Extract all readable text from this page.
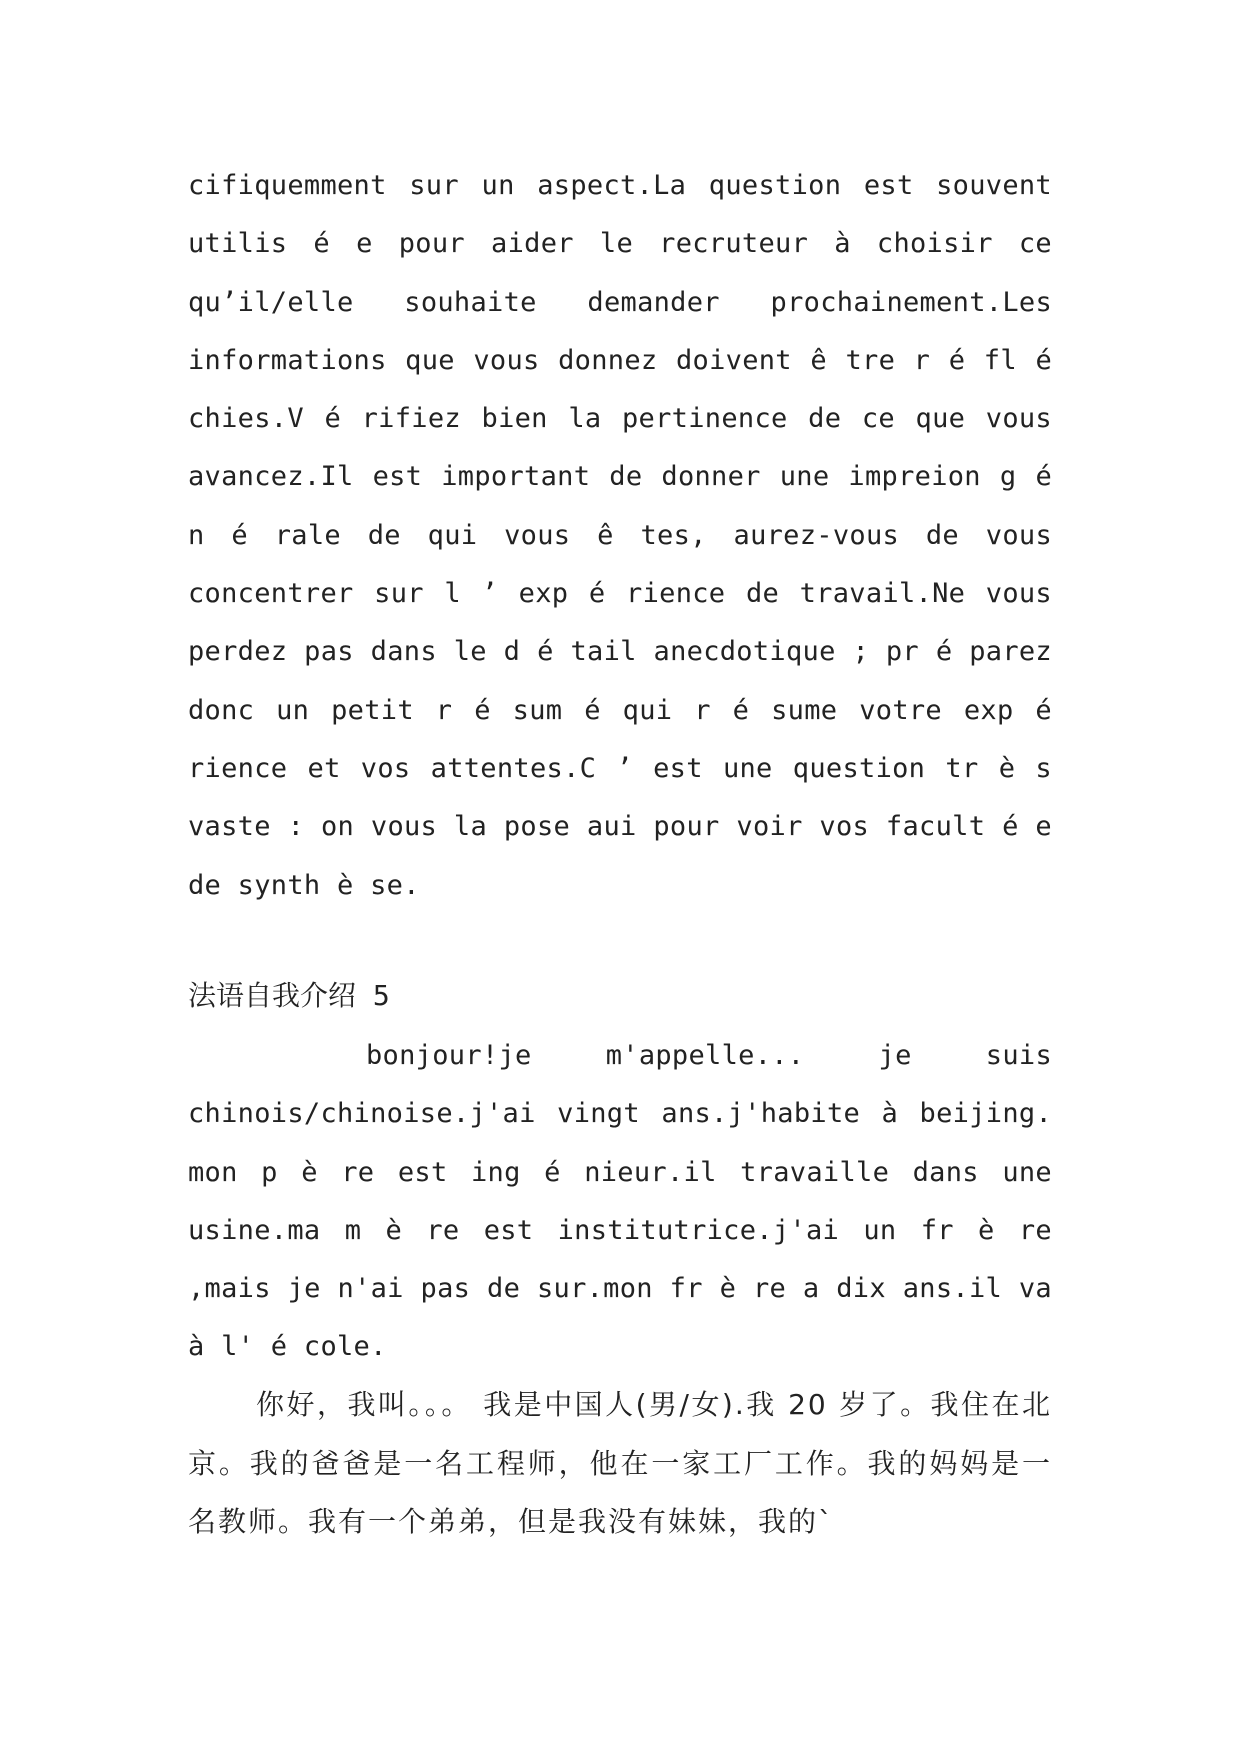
cifiquemment sur un aspect.La question est souvent utilis é e pour aider le recruteur à choisir ce qu’il/elle souhaite demander prochainement.Les informations que vous donnez doivent ê tre r é fl é chies.V é rifiez bien la pertinence de ce que vous avancez.Il est important de donner une impreion g é n é rale de qui vous ê tes, aurez-vous de vous concentrer sur l ’ exp é rience de travail.Ne vous perdez pas dans le d é tail anecdotique ; pr é parez donc un petit r é sum é qui r é sume votre exp é rience et vos attentes.C ’ est une question tr è s vaste : on vous la pose aui pour voir vos facult é e de synth è se.

法语自我介绍 5

bonjour!je m'appelle... je suis chinois/chinoise.j'ai vingt ans.j'habite à beijing. mon p è re est ing é nieur.il travaille dans une usine.ma m è re est institutrice.j'ai un fr è re ,mais je n'ai pas de sur.mon fr è re a dix ans.il va à l' é cole.

你好，我叫。。。 我是中国人(男/女).我 20 岁了。我住在北京。我的爸爸是一名工程师，他在一家工厂工作。我的妈妈是一名教师。我有一个弟弟，但是我没有妹妹，我的`
